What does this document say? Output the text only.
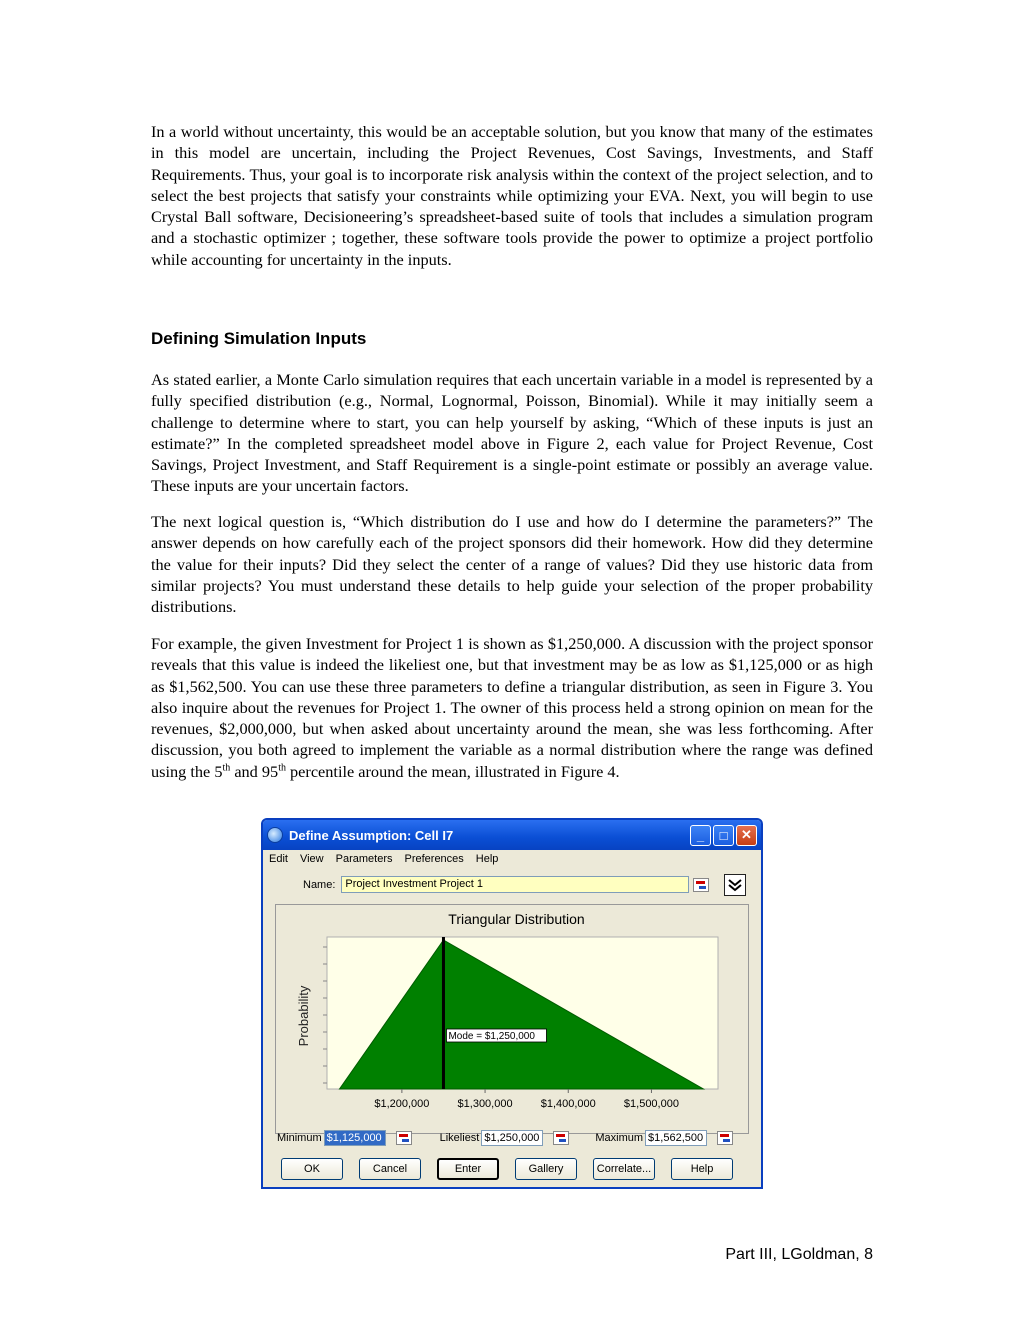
In a world without uncertainty, this would be an acceptable solution, but you know that many of the estimates in this model are uncertain, including the Project Revenues, Cost Savings, Investments, and Staff Requirements. Thus, your goal is to incorporate risk analysis within the context of the project selection, and to select the best projects that satisfy your constraints while optimizing your EVA. Next, you will begin to use Crystal Ball software, Decisioneering’s spreadsheet-based suite of tools that includes a simulation program and a stochastic optimizer ; together, these software tools provide the power to optimize a project portfolio while accounting for uncertainty in the inputs.

Defining Simulation Inputs

As stated earlier, a Monte Carlo simulation requires that each uncertain variable in a model is represented by a fully specified distribution (e.g., Normal, Lognormal, Poisson, Binomial). While it may initially seem a challenge to determine where to start, you can help yourself by asking, “Which of these inputs is just an estimate?” In the completed spreadsheet model above in Figure 2, each value for Project Revenue, Cost Savings, Project Investment, and Staff Requirement is a single-point estimate or possibly an average value. These inputs are your uncertain factors.

The next logical question is, “Which distribution do I use and how do I determine the parameters?” The answer depends on how carefully each of the project sponsors did their homework. How did they determine the value for their inputs? Did they select the center of a range of values? Did they use historic data from similar projects? You must understand these details to help guide your selection of the proper probability distributions.

For example, the given Investment for Project 1 is shown as $1,250,000. A discussion with the project sponsor reveals that this value is indeed the likeliest one, but that investment may be as low as $1,125,000 or as high as $1,562,500. You can use these three parameters to define a triangular distribution, as seen in Figure 3. You also inquire about the revenues for Project 1. The owner of this process held a strong opinion on mean for the revenues, $2,000,000, but when asked about uncertainty around the mean, she was less forthcoming. After discussion, you both agreed to implement the variable as a normal distribution where the range was defined using the 5th and 95th percentile around the mean, illustrated in Figure 4.

Define Assumption: Cell I7	_	□	✕
Edit View Parameters Preferences Help
Name: Project Investment Project 1
Triangular Distribution
Probability	Mode = $1,250,000
$1,200,000	$1,300,000	$1,400,000	$1,500,000
Minimum $1,125,000	Likeliest $1,250,000	Maximum $1,562,500
OK	Cancel	Enter	Gallery	Correlate...	Help
Part III, LGoldman, 8
